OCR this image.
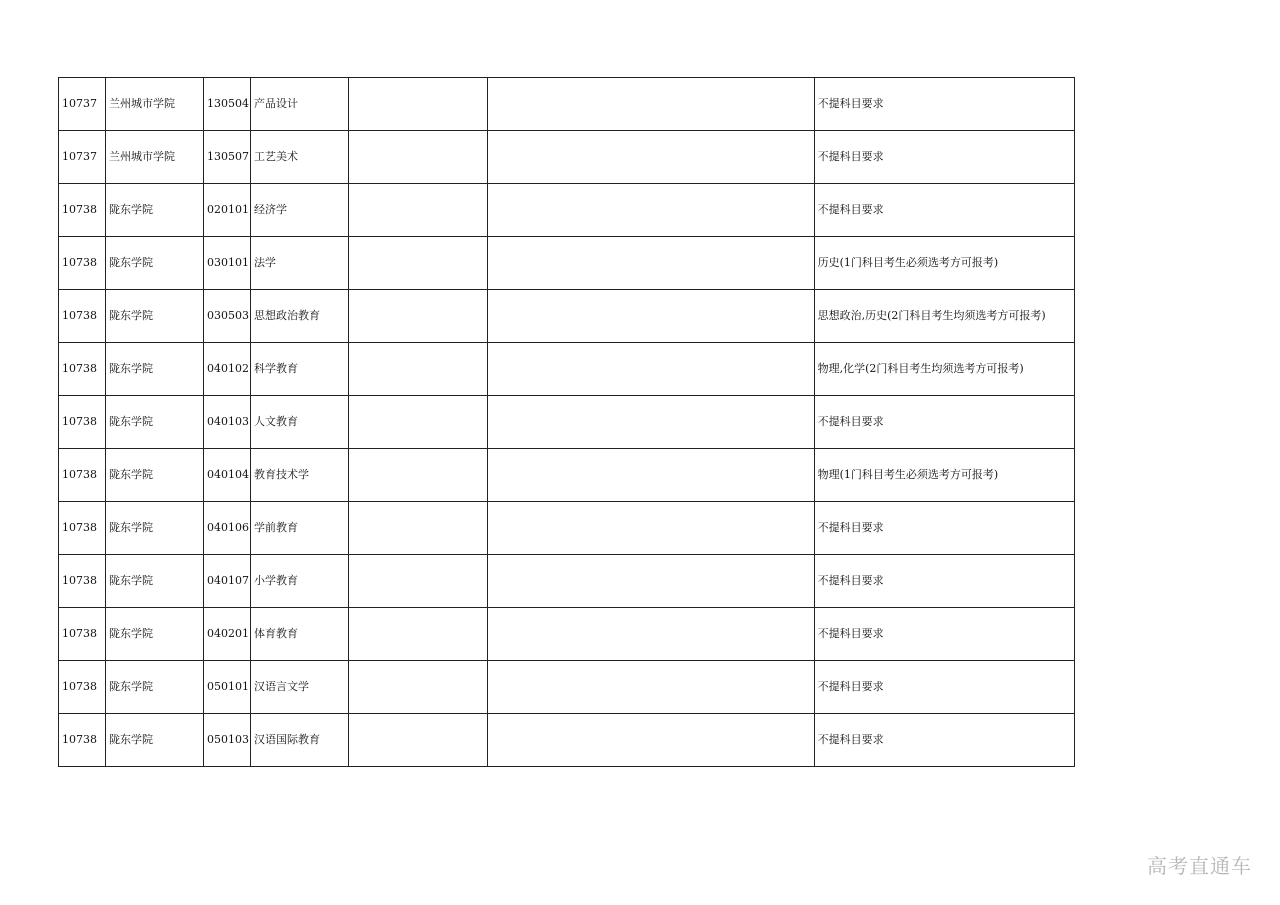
10737	兰州城市学院	130504	产品设计			不提科目要求
10737	兰州城市学院	130507	工艺美术			不提科目要求
10738	陇东学院	020101	经济学			不提科目要求
10738	陇东学院	030101	法学			历史(1门科目考生必须选考方可报考)
10738	陇东学院	030503	思想政治教育			思想政治,历史(2门科目考生均须选考方可报考)
10738	陇东学院	040102	科学教育			物理,化学(2门科目考生均须选考方可报考)
10738	陇东学院	040103	人文教育			不提科目要求
10738	陇东学院	040104	教育技术学			物理(1门科目考生必须选考方可报考)
10738	陇东学院	040106	学前教育			不提科目要求
10738	陇东学院	040107	小学教育			不提科目要求
10738	陇东学院	040201	体育教育			不提科目要求
10738	陇东学院	050101	汉语言文学			不提科目要求
10738	陇东学院	050103	汉语国际教育			不提科目要求
高考直通车
